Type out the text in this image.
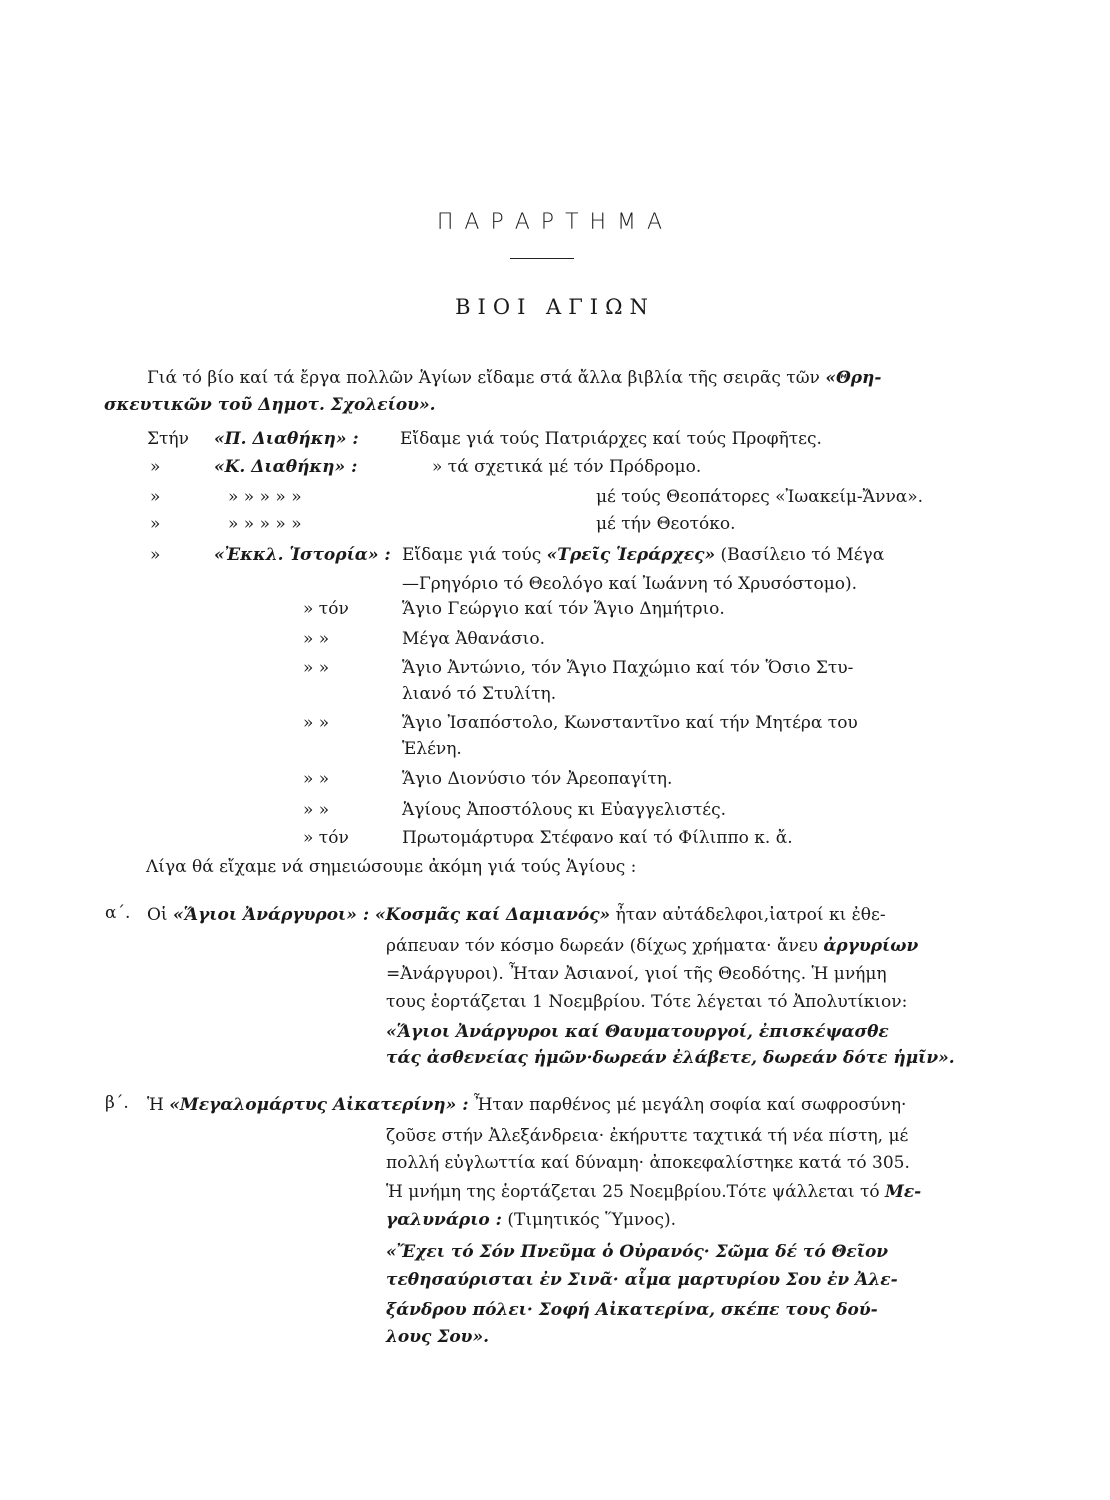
ΠΑΡΑΡΤΗΜΑ
ΒΙΟΙ ΑΓΙΩΝ
Γιά τό βίο καί τά ἔργα πολλῶν Ἁγίων εἴδαμε στά ἄλλα βιβλία τῆς σειρᾶς τῶν «Θρη-
σκευτικῶν τοῦ Δημοτ. Σχολείου».
Στήν «Π. Διαθήκη» : Εἴδαμε γιά τούς Πατριάρχες καί τούς Προφῆτες.
»	«Κ. Διαθήκη» :	» τά σχετικά μέ τόν Πρόδρομο.
»	» » » » »	μέ τούς Θεοπάτορες «Ἰωακείμ-Ἄννα».
»	» » » » »	μέ τήν Θεοτόκο.
»	«Ἐκκλ. Ἱστορία» : Εἴδαμε γιά τούς «Τρεῖς Ἱεράρχες» (Βασίλειο τό Μέγα
—Γρηγόριο τό Θεολόγο καί Ἰωάννη τό Χρυσόστομο).
» τόν	Ἅγιο Γεώργιο καί τόν Ἅγιο Δημήτριο.
» »	Μέγα Ἀθανάσιο.
» »	Ἅγιο Ἀντώνιο, τόν Ἅγιο Παχώμιο καί τόν Ὅσιο Στυ-
λιανό τό Στυλίτη.
» »	Ἅγιο Ἰσαπόστολο, Κωνσταντῖνο καί τήν Μητέρα του
Ἑλένη.
» »	Ἅγιο Διονύσιο τόν Ἀρεοπαγίτη.
» »	Ἁγίους Ἀποστόλους κι Εὐαγγελιστές.
» τόν	Πρωτομάρτυρα Στέφανο καί τό Φίλιππο κ. ἄ.
Λίγα θά εἴχαμε νά σημειώσουμε ἀκόμη γιά τούς Ἁγίους :
α΄. Οἱ «Ἅγιοι Ἀνάργυροι» : «Κοσμᾶς καί Δαμιανός» ἦταν αὐτάδελφοι,ἰατροί κι ἐθε-
ράπευαν τόν κόσμο δωρεάν (δίχως χρήματα· ἄνευ ἀργυρίων
=Ἀνάργυροι). Ἦταν Ἀσιανοί, γιοί τῆς Θεοδότης. Ἡ μνήμη
τους ἑορτάζεται 1 Νοεμβρίου. Τότε λέγεται τό Ἀπολυτίκιον:
«Ἅγιοι Ἀνάργυροι καί Θαυματουργοί, ἐπισκέψασθε
τάς ἀσθενείας ἡμῶν·δωρεάν ἐλάβετε, δωρεάν δότε ἡμῖν».
β΄. Ἡ «Μεγαλομάρτυς Αἰκατερίνη» : Ἦταν παρθένος μέ μεγάλη σοφία καί σωφροσύνη·
ζοῦσε στήν Ἀλεξάνδρεια· ἐκήρυττε ταχτικά τή νέα πίστη, μέ
πολλή εὐγλωττία καί δύναμη· ἀποκεφαλίστηκε κατά τό 305.
Ἡ μνήμη της ἑορτάζεται 25 Νοεμβρίου.Τότε ψάλλεται τό Με-
γαλυνάριο : (Τιμητικός Ὕμνος).
«Ἔχει τό Σόν Πνεῦμα ὁ Οὐρανός· Σῶμα δέ τό Θεῖον
τεθησαύρισται ἐν Σινᾶ· αἷμα μαρτυρίου Σου ἐν Ἀλε-
ξάνδρου πόλει· Σοφή Αἰκατερίνα, σκέπε τους δού-
λους Σου».
